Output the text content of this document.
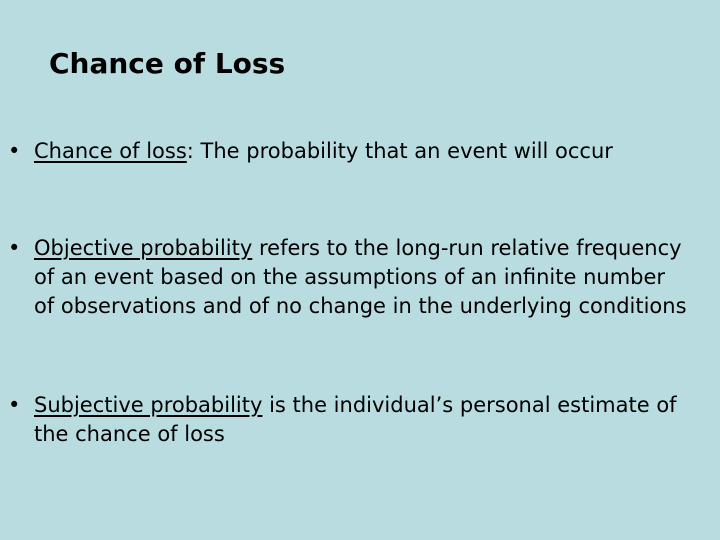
Chance of Loss
• Chance of loss: The probability that an event will occur
• Objective probability refers to the long-run relative frequency of an event based on the assumptions of an infinite number of observations and of no change in the underlying conditions
• Subjective probability is the individual’s personal estimate of the chance of loss
